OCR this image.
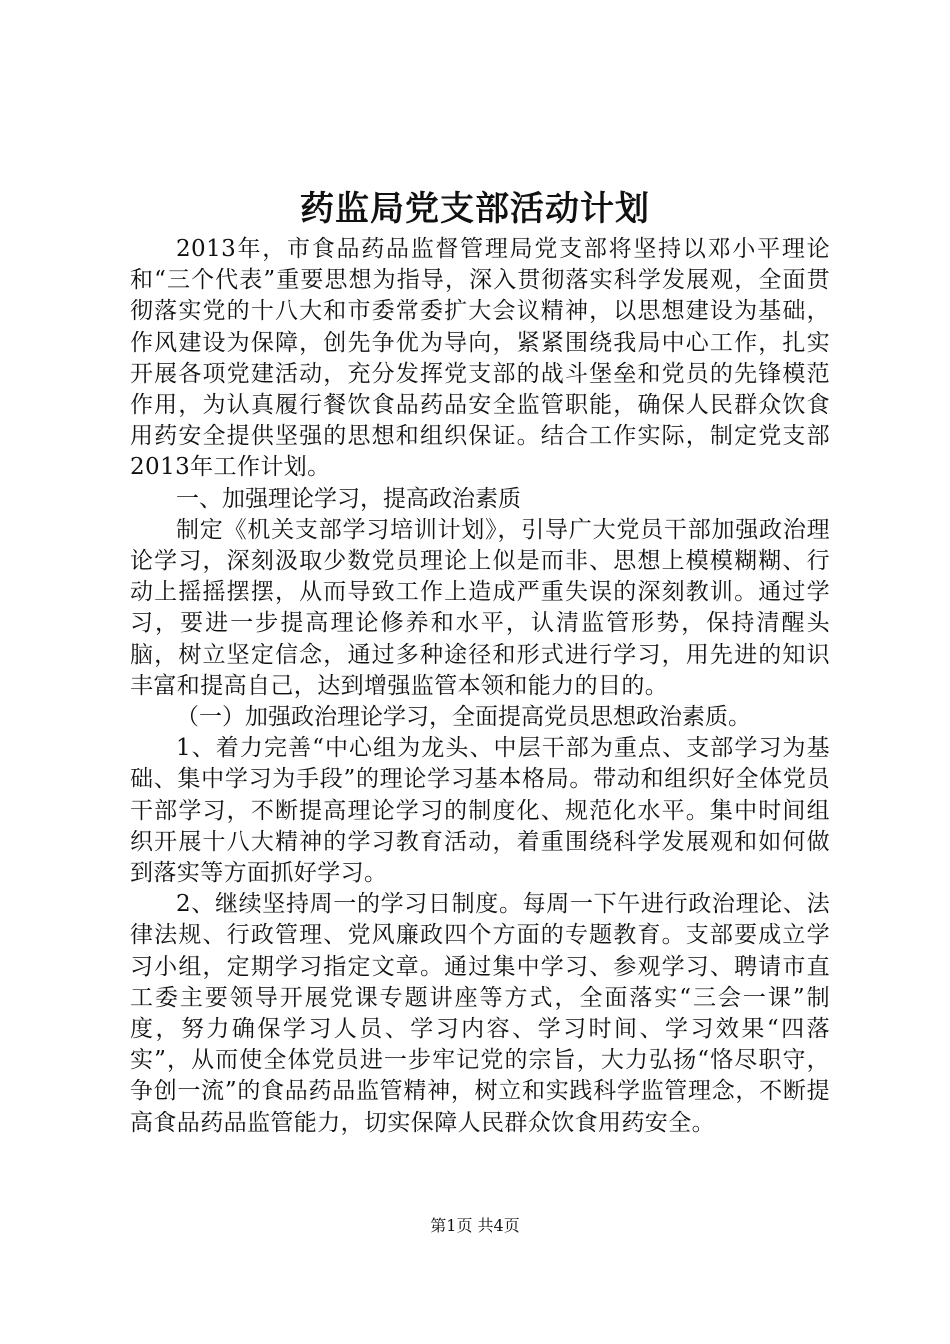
药监局党支部活动计划

2013年，市食品药品监督管理局党支部将坚持以邓小平理论和“三个代表”重要思想为指导，深入贯彻落实科学发展观，全面贯彻落实党的十八大和市委常委扩大会议精神，以思想建设为基础，作风建设为保障，创先争优为导向，紧紧围绕我局中心工作，扎实开展各项党建活动，充分发挥党支部的战斗堡垒和党员的先锋模范作用，为认真履行餐饮食品药品安全监管职能，确保人民群众饮食用药安全提供坚强的思想和组织保证。结合工作实际，制定党支部2013年工作计划。

一、加强理论学习，提高政治素质

制定《机关支部学习培训计划》，引导广大党员干部加强政治理论学习，深刻汲取少数党员理论上似是而非、思想上模模糊糊、行动上摇摇摆摆，从而导致工作上造成严重失误的深刻教训。通过学习，要进一步提高理论修养和水平，认清监管形势，保持清醒头脑，树立坚定信念，通过多种途径和形式进行学习，用先进的知识丰富和提高自己，达到增强监管本领和能力的目的。

（一）加强政治理论学习，全面提高党员思想政治素质。

1、着力完善“中心组为龙头、中层干部为重点、支部学习为基础、集中学习为手段”的理论学习基本格局。带动和组织好全体党员干部学习，不断提高理论学习的制度化、规范化水平。集中时间组织开展十八大精神的学习教育活动，着重围绕科学发展观和如何做到落实等方面抓好学习。

2、继续坚持周一的学习日制度。每周一下午进行政治理论、法律法规、行政管理、党风廉政四个方面的专题教育。支部要成立学习小组，定期学习指定文章。通过集中学习、参观学习、聘请市直工委主要领导开展党课专题讲座等方式，全面落实“三会一课”制度，努力确保学习人员、学习内容、学习时间、学习效果“四落实”，从而使全体党员进一步牢记党的宗旨，大力弘扬“恪尽职守，争创一流”的食品药品监管精神，树立和实践科学监管理念，不断提高食品药品监管能力，切实保障人民群众饮食用药安全。

第1页 共4页
